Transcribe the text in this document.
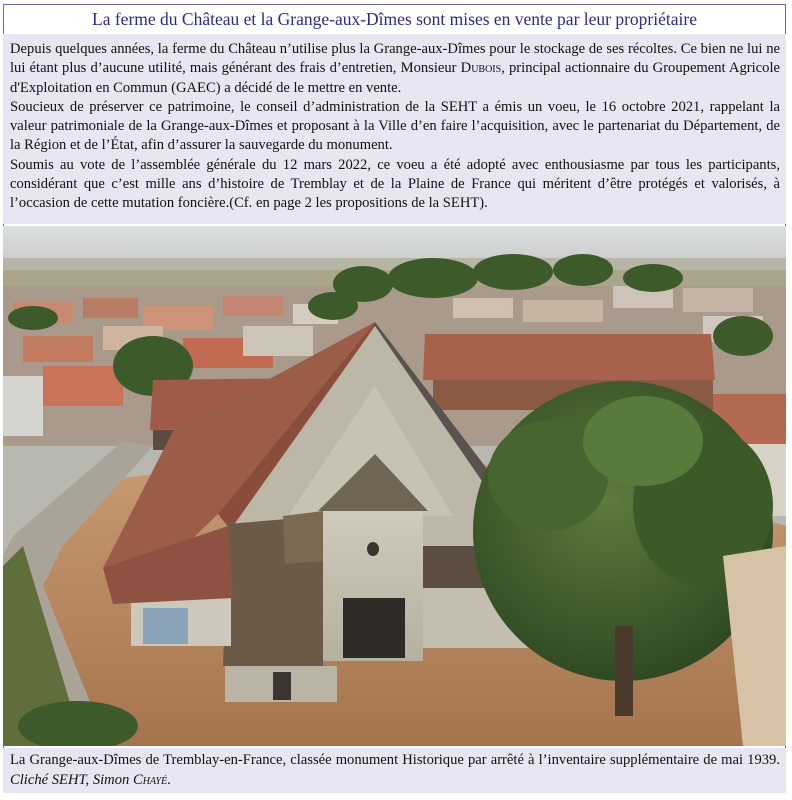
La ferme du Château et la Grange-aux-Dîmes sont mises en vente par leur propriétaire

Depuis quelques années, la ferme du Château n’utilise plus la Grange-aux-Dîmes pour le stockage de ses récoltes. Ce bien ne lui ne lui étant plus d’aucune utilité, mais générant des frais d’entretien, Monsieur Dubois, principal actionnaire du Groupement Agricole d'Exploitation en Commun (GAEC) a décidé de le mettre en vente.

Soucieux de préserver ce patrimoine, le conseil d’administration de la SEHT a émis un voeu, le 16 octobre 2021, rappelant la valeur patrimoniale de la Grange-aux-Dîmes et proposant à la Ville d’en faire l’acquisition, avec le partenariat du Département, de la Région et de l’État, afin d’assurer la sauvegarde du monument.

Soumis au vote de l’assemblée générale du 12 mars 2022, ce voeu a été adopté avec enthousiasme par tous les participants, considérant que c’est mille ans d’histoire de Tremblay et de la Plaine de France qui méritent d’être protégés et valorisés, à l’occasion de cette mutation foncière.(Cf. en page 2 les propositions de la SEHT).

La Grange-aux-Dîmes de Tremblay-en-France, classée monument Historique par arrêté à l’inventaire supplémentaire de mai 1939. Cliché SEHT, Simon Chayé.
